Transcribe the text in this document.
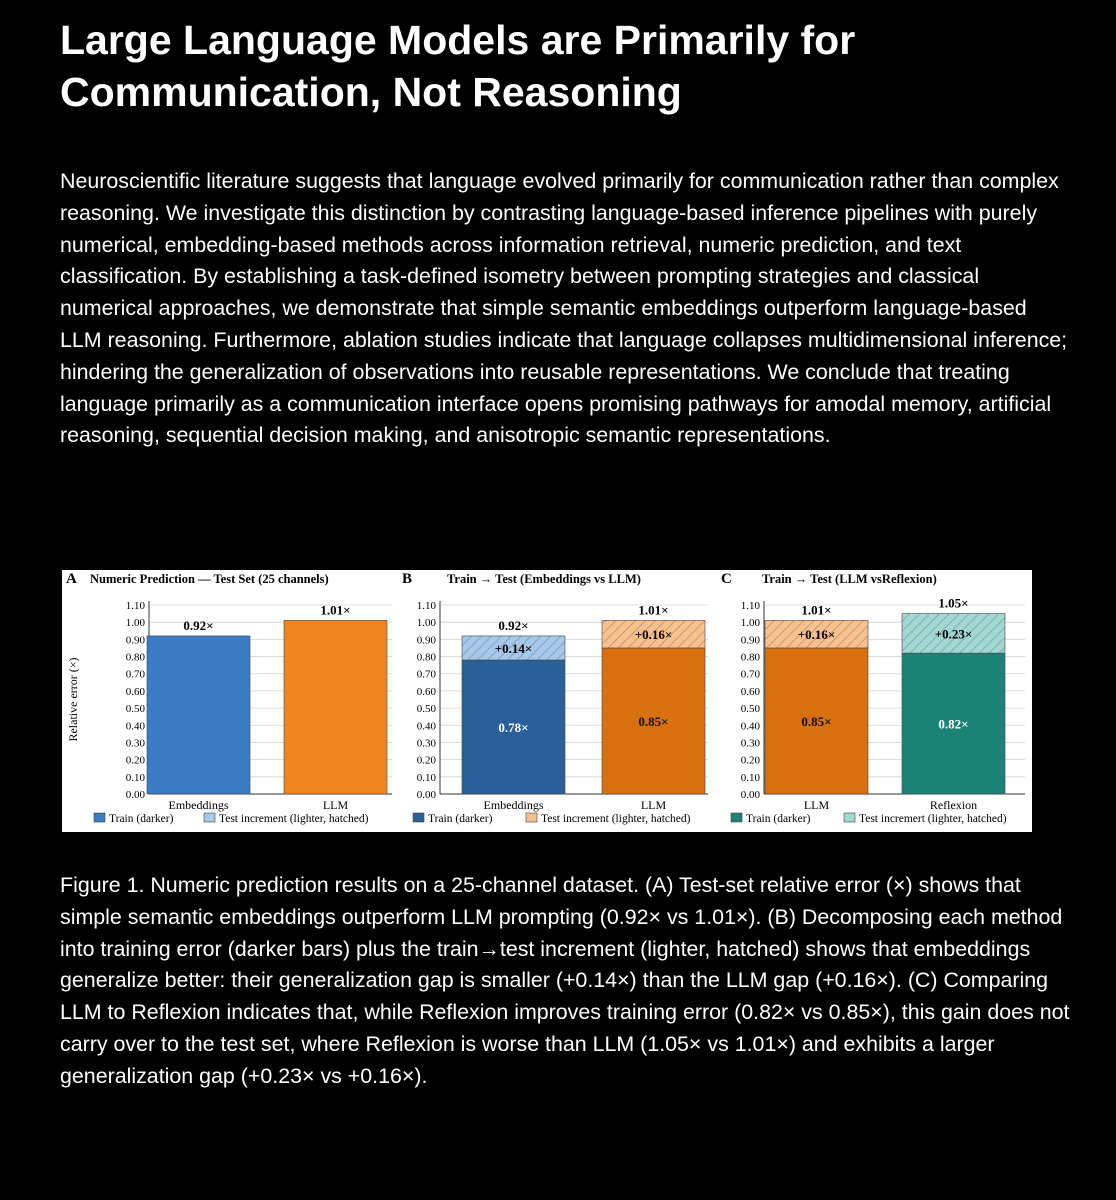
Large Language Models are Primarily for Communication, Not Reasoning

Neuroscientific literature suggests that language evolved primarily for communication rather than complex reasoning. We investigate this distinction by contrasting language-based inference pipelines with purely numerical, embedding-based methods across information retrieval, numeric prediction, and text classification. By establishing a task-defined isometry between prompting strategies and classical numerical approaches, we demonstrate that simple semantic embeddings outperform language-based LLM reasoning. Furthermore, ablation studies indicate that language collapses multidimensional inference; hindering the generalization of observations into reusable representations. We conclude that treating language primarily as a communication interface opens promising pathways for amodal memory, artificial reasoning, sequential decision making, and anisotropic semantic representations.

A Numeric Prediction — Test Set (25 channels)
0.00
0.10
0.20
0.30
0.40
0.50
0.60
0.70
0.80
0.90
1.00
1.10
Relative error (×)
0.92×
Embeddings
1.01×
LLM
Train (darker)	Test increment (lighter, hatched)
B	Train → Test (Embeddings vs LLM)
0.00
0.10
0.20
0.30
0.40
0.50
0.60
0.70
0.80
0.90
1.00
1.10
0.78×
+0.14×
0.92×
Embeddings
0.85×
+0.16×
1.01×
LLM
Train (darker)	Test increment (lighter, hatched)
C Train → Test (LLM vsReflexion)
0.00
0.10
0.20
0.30
0.40
0.50
0.60
0.70
0.80
0.90
1.00
1.10
0.85×
+0.16×
1.01×
LLM
0.82×
+0.23×
1.05×
Reflexion
Train (darker)	Test incremert (lighter, hatched)

Figure 1. Numeric prediction results on a 25-channel dataset. (A) Test-set relative error (×) shows that simple semantic embeddings outperform LLM prompting (0.92× vs 1.01×). (B) Decomposing each method into training error (darker bars) plus the train→test increment (lighter, hatched) shows that embeddings generalize better: their generalization gap is smaller (+0.14×) than the LLM gap (+0.16×). (C) Comparing LLM to Reflexion indicates that, while Reflexion improves training error (0.82× vs 0.85×), this gain does not carry over to the test set, where Reflexion is worse than LLM (1.05× vs 1.01×) and exhibits a larger generalization gap (+0.23× vs +0.16×).
